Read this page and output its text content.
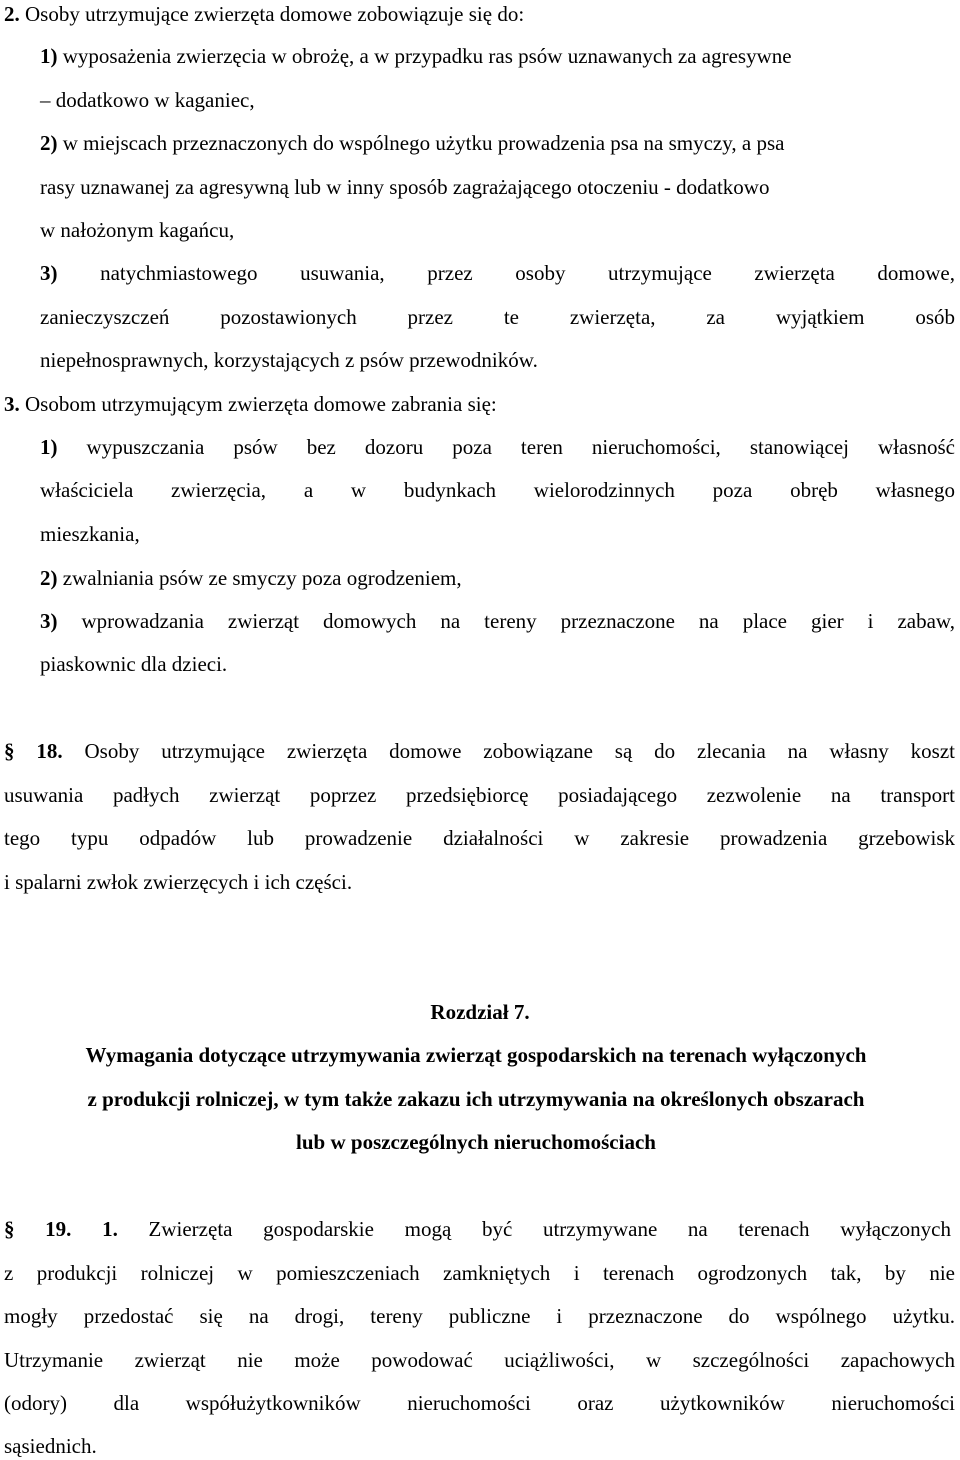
2. Osoby utrzymujące zwierzęta domowe zobowiązuje się do:
1) wyposażenia zwierzęcia w obrożę, a w przypadku ras psów uznawanych za agresywne
– dodatkowo w kaganiec,
2) w miejscach przeznaczonych do wspólnego użytku prowadzenia psa na smyczy, a psa
rasy uznawanej za agresywną lub w inny sposób zagrażającego otoczeniu - dodatkowo
w nałożonym kagańcu,
3) natychmiastowego usuwania, przez osoby utrzymujące zwierzęta domowe,
zanieczyszczeń pozostawionych przez te zwierzęta, za wyjątkiem osób
niepełnosprawnych, korzystających z psów przewodników.
3. Osobom utrzymującym zwierzęta domowe zabrania się:
1) wypuszczania psów bez dozoru poza teren nieruchomości, stanowiącej własność
właściciela zwierzęcia, a w budynkach wielorodzinnych poza obręb własnego
mieszkania,
2) zwalniania psów ze smyczy poza ogrodzeniem,
3) wprowadzania zwierząt domowych na tereny przeznaczone na place gier i zabaw,
piaskownic dla dzieci.
§ 18. Osoby utrzymujące zwierzęta domowe zobowiązane są do zlecania na własny koszt
usuwania padłych zwierząt poprzez przedsiębiorcę posiadającego zezwolenie na transport
tego typu odpadów lub prowadzenie działalności w zakresie prowadzenia grzebowisk
i spalarni zwłok zwierzęcych i ich części.
Rozdział 7.
Wymagania dotyczące utrzymywania zwierząt gospodarskich na terenach wyłączonych
z produkcji rolniczej, w tym także zakazu ich utrzymywania na określonych obszarach
lub w poszczególnych nieruchomościach
§ 19. 1. Zwierzęta gospodarskie mogą być utrzymywane na terenach wyłączonych
z produkcji rolniczej w pomieszczeniach zamkniętych i terenach ogrodzonych tak, by nie
mogły przedostać się na drogi, tereny publiczne i przeznaczone do wspólnego użytku.
Utrzymanie zwierząt nie może powodować uciążliwości, w szczególności zapachowych
(odory) dla współużytkowników nieruchomości oraz użytkowników nieruchomości
sąsiednich.
